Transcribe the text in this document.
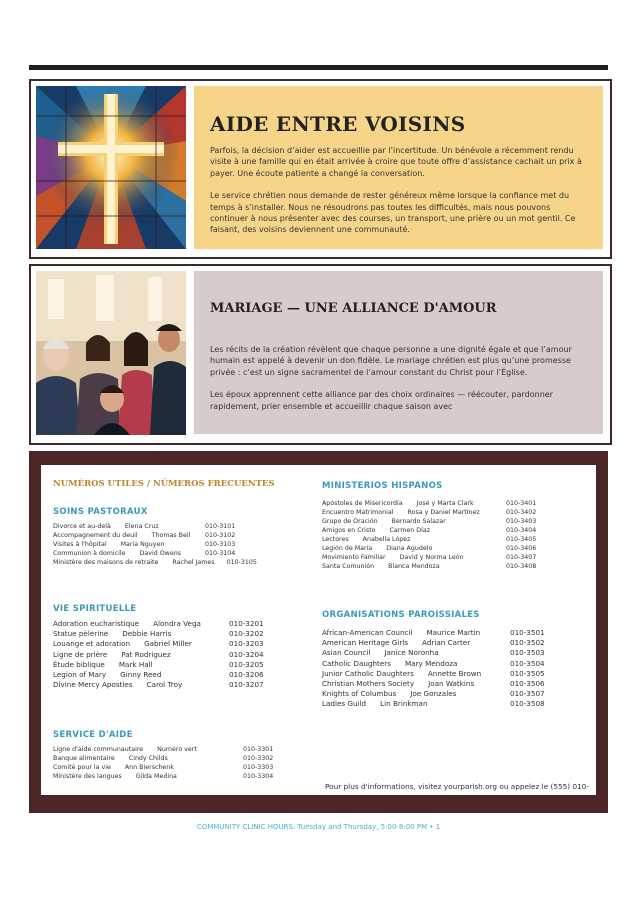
AIDE ENTRE VOISINS

Parfois, la décision d’aider est accueillie par l’incertitude. Un bénévole a récemment rendu visite à une famille qui en était arrivée à croire que toute offre d’assistance cachait un prix à payer. Une écoute patiente a changé la conversation.

Le service chrétien nous demande de rester généreux même lorsque la confiance met du temps à s’installer. Nous ne résoudrons pas toutes les difficultés, mais nous pouvons continuer à nous présenter avec des courses, un transport, une prière ou un mot gentil. Ce faisant, des voisins deviennent une communauté.

MARIAGE — UNE ALLIANCE D'AMOUR

Les récits de la création révèlent que chaque personne a une dignité égale et que l’amour humain est appelé à devenir un don fidèle. Le mariage chrétien est plus qu’une promesse privée : c’est un signe sacramentel de l’amour constant du Christ pour l’Église.

Les époux apprennent cette alliance par des choix ordinaires — réécouter, pardonner rapidement, prier ensemble et accueillir chaque saison avec

NUMÉROS UTILES / NÚMEROS FRECUENTES
SOINS PASTORAUX
Divorce et au-delà Elena Cruz	010-3101
Accompagnement du deuil Thomas Bell 010-3102
Visites à l'hôpital Maria Nguyen	010-3103
Communion à domicile David Owens	010-3104
Ministère des maisons de retraite Rachel James 010-3105
VIE SPIRITUELLE
Adoration eucharistique Alondra Vega	010-3201
Statue pèlerine Debbie Harris	010-3202
Louange et adoration Gabriel Miller	010-3203
Ligne de prière Pat Rodriguez	010-3204
Étude biblique Mark Hall	010-3205
Legion of Mary Ginny Reed	010-3206
Divine Mercy Apostles Carol Troy	010-3207
SERVICE D'AIDE
Ligne d'aide communautaire Numéro vert	010-3301
Banque alimentaire Cindy Childs	010-3302
Comité pour la vie Ann Bierschenk	010-3303
Ministère des langues Gilda Medina	010-3304
MINISTERIOS HISPANOS
Apóstoles de Misericordia José y Marta Clark	010-3401
Encuentro Matrimonial Rosa y Daniel Martínez	010-3402
Grupo de Oración Bernardo Salazar	010-3403
Amigos en Cristo Carmen Díaz	010-3404
Lectores Anabella López	010-3405
Legión de María Diana Agudelo	010-3406
Movimiento Familiar David y Norma León	010-3407
Santa Comunión Blanca Mendoza	010-3408
ORGANISATIONS PAROISSIALES
African-American Council Maurice Martin	010-3501
American Heritage Girls Adrian Carter	010-3502
Asian Council Janice Noronha	010-3503
Catholic Daughters Mary Mendoza	010-3504
Junior Catholic Daughters Annette Brown	010-3505
Christian Mothers Society Joan Watkins	010-3506
Knights of Columbus Joe Gonzales	010-3507
Ladies Guild Lin Brinkman	010-3508
Pour plus d'informations, visitez yourparish.org ou appelez le (555) 010-2400
COMMUNITY CLINIC HOURS: Tuesday and Thursday, 5:00-8:00 PM • 1
